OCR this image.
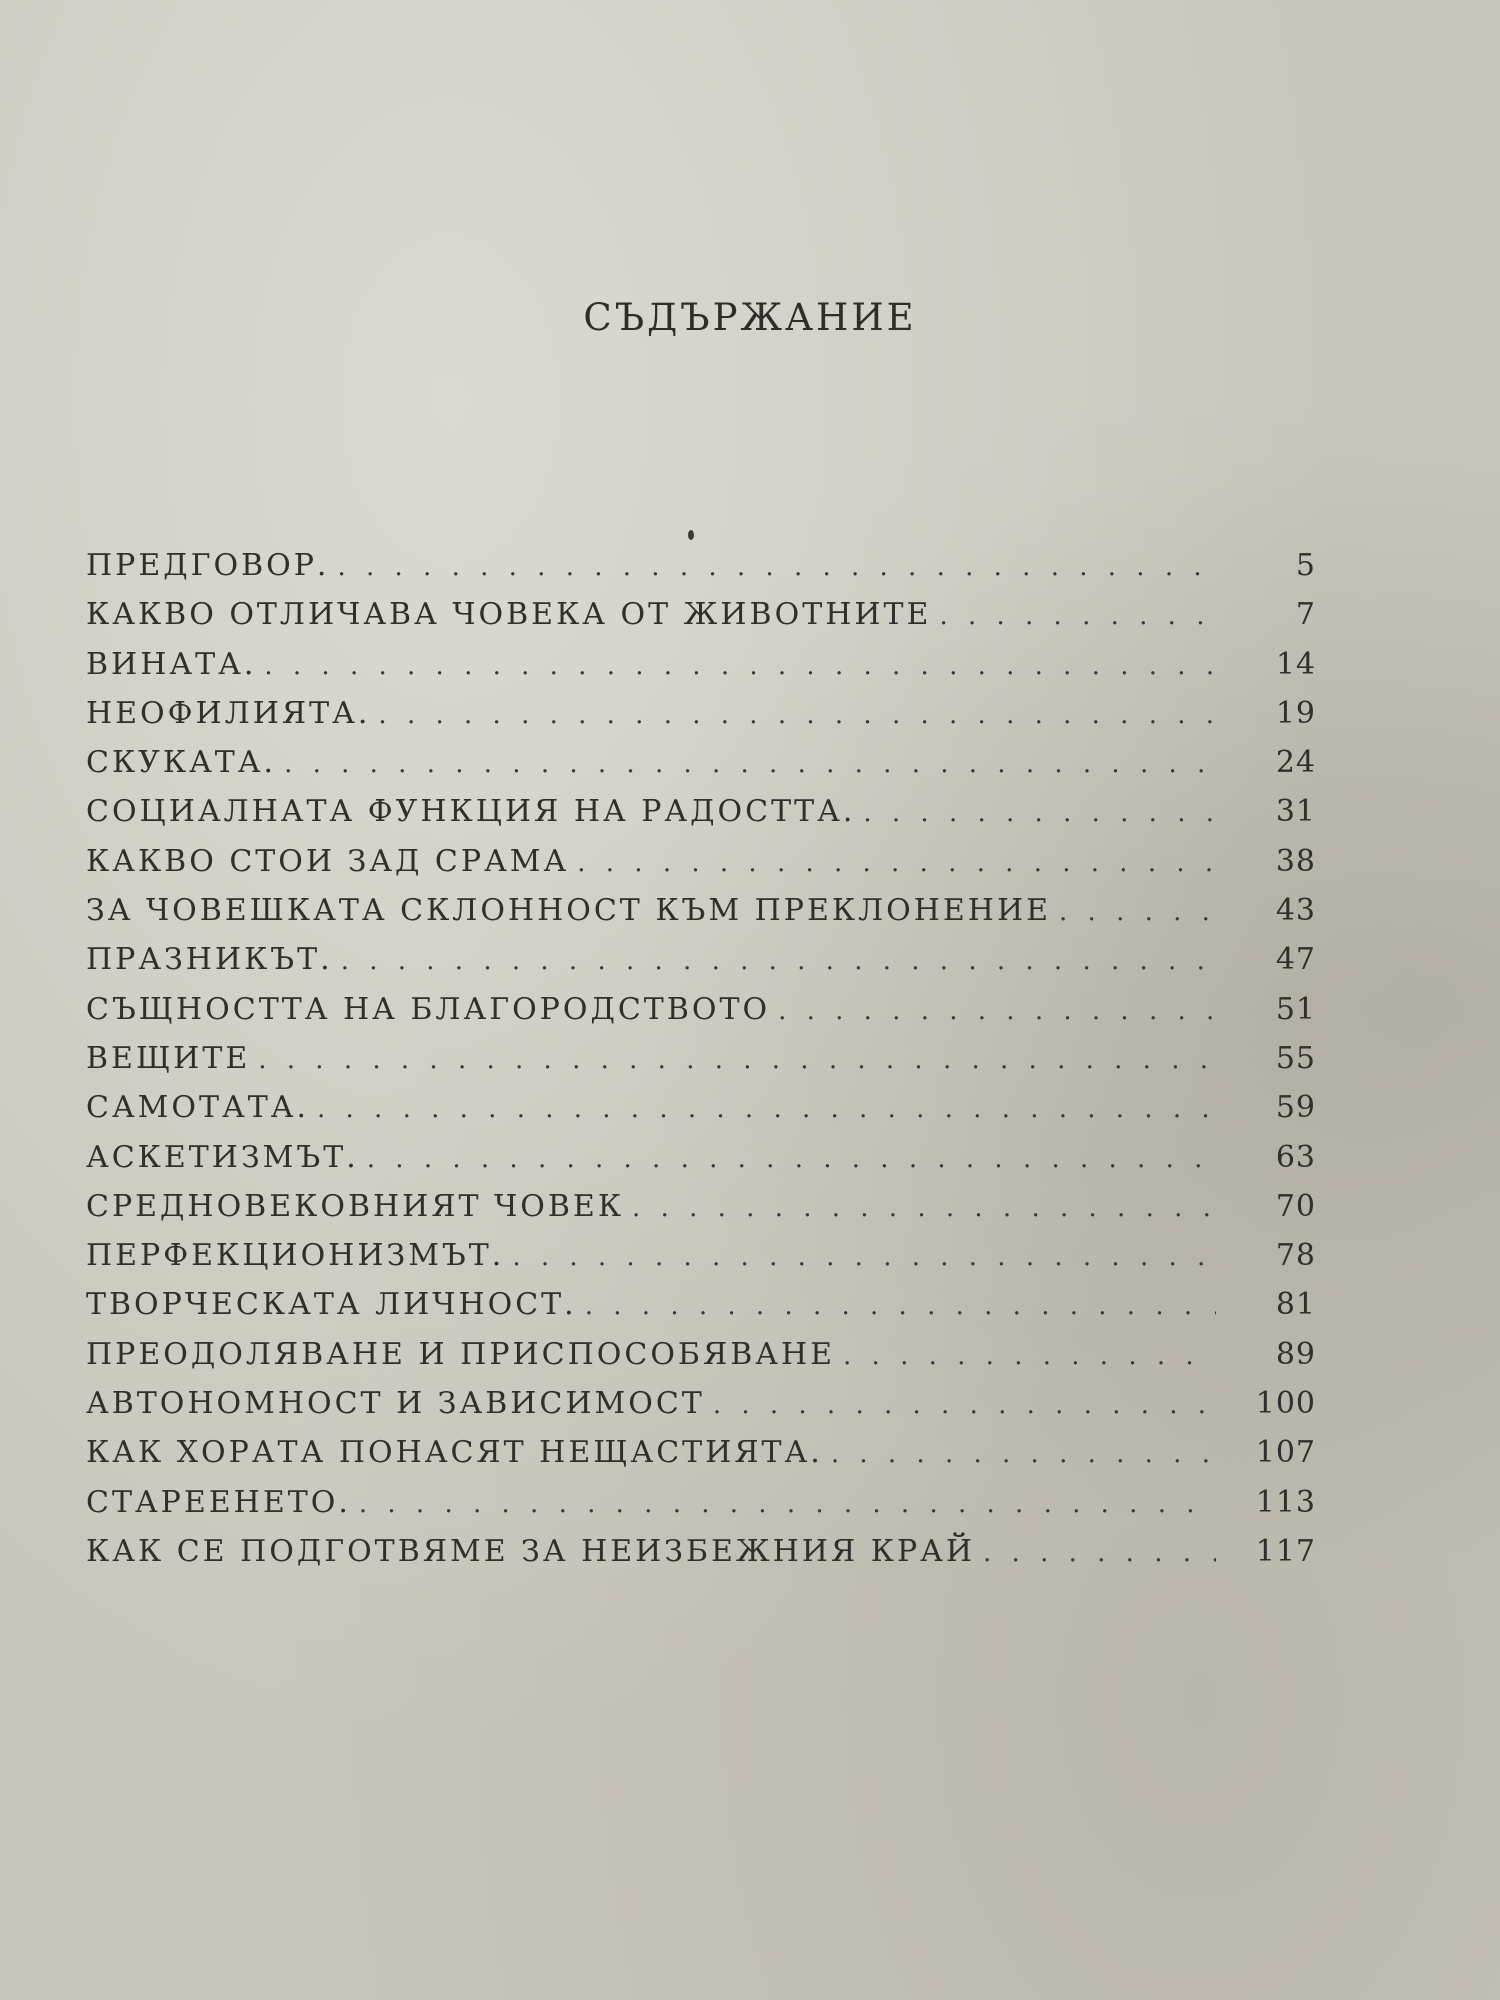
СЪДЪРЖАНИЕ
ПРЕДГОВОР. . . .	5
КАКВО ОТЛИЧАВА ЧОВЕКА ОТ ЖИВОТНИТЕ . . .	7
ВИНАТА. . . .	14
НЕОФИЛИЯТА. . . .	19
СКУКАТА. . . .	24
СОЦИАЛНАТА ФУНКЦИЯ НА РАДОСТТА. . . .	31
КАКВО СТОИ ЗАД СРАМА . . .	38
ЗА ЧОВЕШКАТА СКЛОННОСТ КЪМ ПРЕКЛОНЕНИЕ . . .	43
ПРАЗНИКЪТ. . . .	47
СЪЩНОСТТА НА БЛАГОРОДСТВОТО . . .	51
ВЕЩИТЕ . . .	55
САМОТАТА. . . .	59
АСКЕТИЗМЪТ. . . .	63
СРЕДНОВЕКОВНИЯТ ЧОВЕК . . .	70
ПЕРФЕКЦИОНИЗМЪТ. . . .	78
ТВОРЧЕСКАТА ЛИЧНОСТ. . . .	81
ПРЕОДОЛЯВАНЕ И ПРИСПОСОБЯВАНЕ . . .	89
АВТОНОМНОСТ И ЗАВИСИМОСТ . . .	100
КАК ХОРАТА ПОНАСЯТ НЕЩАСТИЯТА. . . .	107
СТАРЕЕНЕТО. . . .	113
КАК СЕ ПОДГОТВЯМЕ ЗА НЕИЗБЕЖНИЯ КРАЙ . . .	117
